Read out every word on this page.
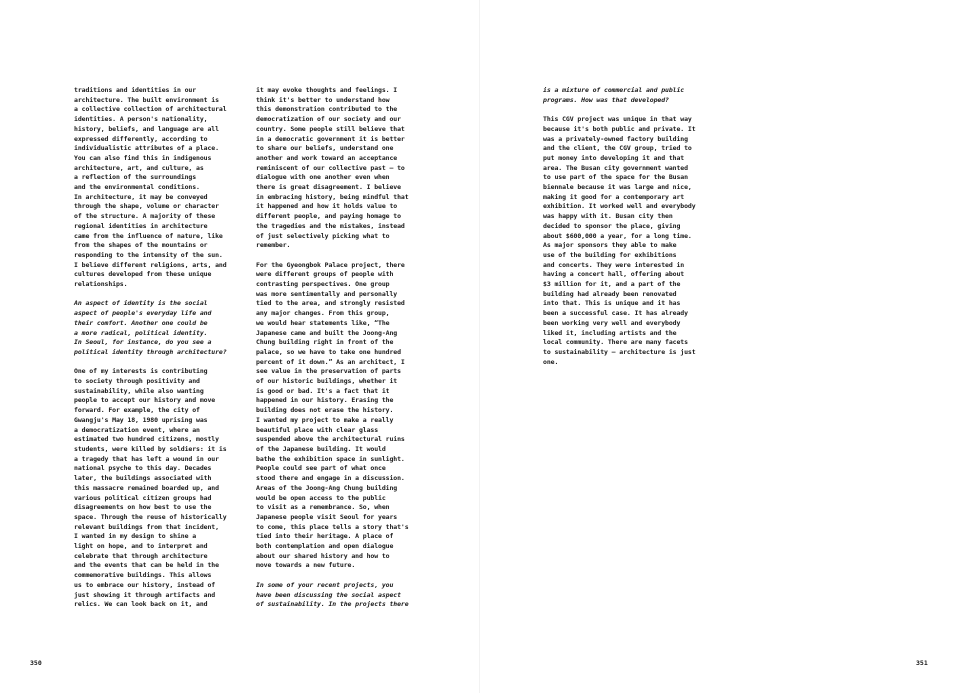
traditions and identities in our
architecture. The built environment is
a collective collection of architectural
identities. A person's nationality,
history, beliefs, and language are all
expressed differently, according to
individualistic attributes of a place.
You can also find this in indigenous
architecture, art, and culture, as
a reflection of the surroundings
and the environmental conditions.
In architecture, it may be conveyed
through the shape, volume or character
of the structure. A majority of these
regional identities in architecture
came from the influence of nature, like
from the shapes of the mountains or
responding to the intensity of the sun.
I believe different religions, arts, and
cultures developed from these unique
relationships.

An aspect of identity is the social
aspect of people's everyday life and
their comfort. Another one could be
a more radical, political identity.
In Seoul, for instance, do you see a
political identity through architecture?

One of my interests is contributing
to society through positivity and
sustainability, while also wanting
people to accept our history and move
forward. For example, the city of
Gwangju's May 18, 1980 uprising was
a democratization event, where an
estimated two hundred citizens, mostly
students, were killed by soldiers: it is
a tragedy that has left a wound in our
national psyche to this day. Decades
later, the buildings associated with
this massacre remained boarded up, and
various political citizen groups had
disagreements on how best to use the
space. Through the reuse of historically
relevant buildings from that incident,
I wanted in my design to shine a
light on hope, and to interpret and
celebrate that through architecture
and the events that can be held in the
commemorative buildings. This allows
us to embrace our history, instead of
just showing it through artifacts and
relics. We can look back on it, and

it may evoke thoughts and feelings. I
think it's better to understand how
this demonstration contributed to the
democratization of our society and our
country. Some people still believe that
in a democratic government it is better
to share our beliefs, understand one
another and work toward an acceptance
reminiscent of our collective past – to
dialogue with one another even when
there is great disagreement. I believe
in embracing history, being mindful that
it happened and how it holds value to
different people, and paying homage to
the tragedies and the mistakes, instead
of just selectively picking what to
remember.

For the Gyeongbok Palace project, there
were different groups of people with
contrasting perspectives. One group
was more sentimentally and personally
tied to the area, and strongly resisted
any major changes. From this group,
we would hear statements like, “The
Japanese came and built the Joong-Ang
Chung building right in front of the
palace, so we have to take one hundred
percent of it down.” As an architect, I
see value in the preservation of parts
of our historic buildings, whether it
is good or bad. It's a fact that it
happened in our history. Erasing the
building does not erase the history.
I wanted my project to make a really
beautiful place with clear glass
suspended above the architectural ruins
of the Japanese building. It would
bathe the exhibition space in sunlight.
People could see part of what once
stood there and engage in a discussion.
Areas of the Joong-Ang Chung building
would be open access to the public
to visit as a remembrance. So, when
Japanese people visit Seoul for years
to come, this place tells a story that's
tied into their heritage. A place of
both contemplation and open dialogue
about our shared history and how to
move towards a new future.

In some of your recent projects, you
have been discussing the social aspect
of sustainability. In the projects there

is a mixture of commercial and public
programs. How was that developed?

This CGV project was unique in that way
because it's both public and private. It
was a privately-owned factory building
and the client, the CGV group, tried to
put money into developing it and that
area. The Busan city government wanted
to use part of the space for the Busan
biennale because it was large and nice,
making it good for a contemporary art
exhibition. It worked well and everybody
was happy with it. Busan city then
decided to sponsor the place, giving
about $600,000 a year, for a long time.
As major sponsors they able to make
use of the building for exhibitions
and concerts. They were interested in
having a concert hall, offering about
$3 million for it, and a part of the
building had already been renovated
into that. This is unique and it has
been a successful case. It has already
been working very well and everybody
liked it, including artists and the
local community. There are many facets
to sustainability – architecture is just
one.

350	351
